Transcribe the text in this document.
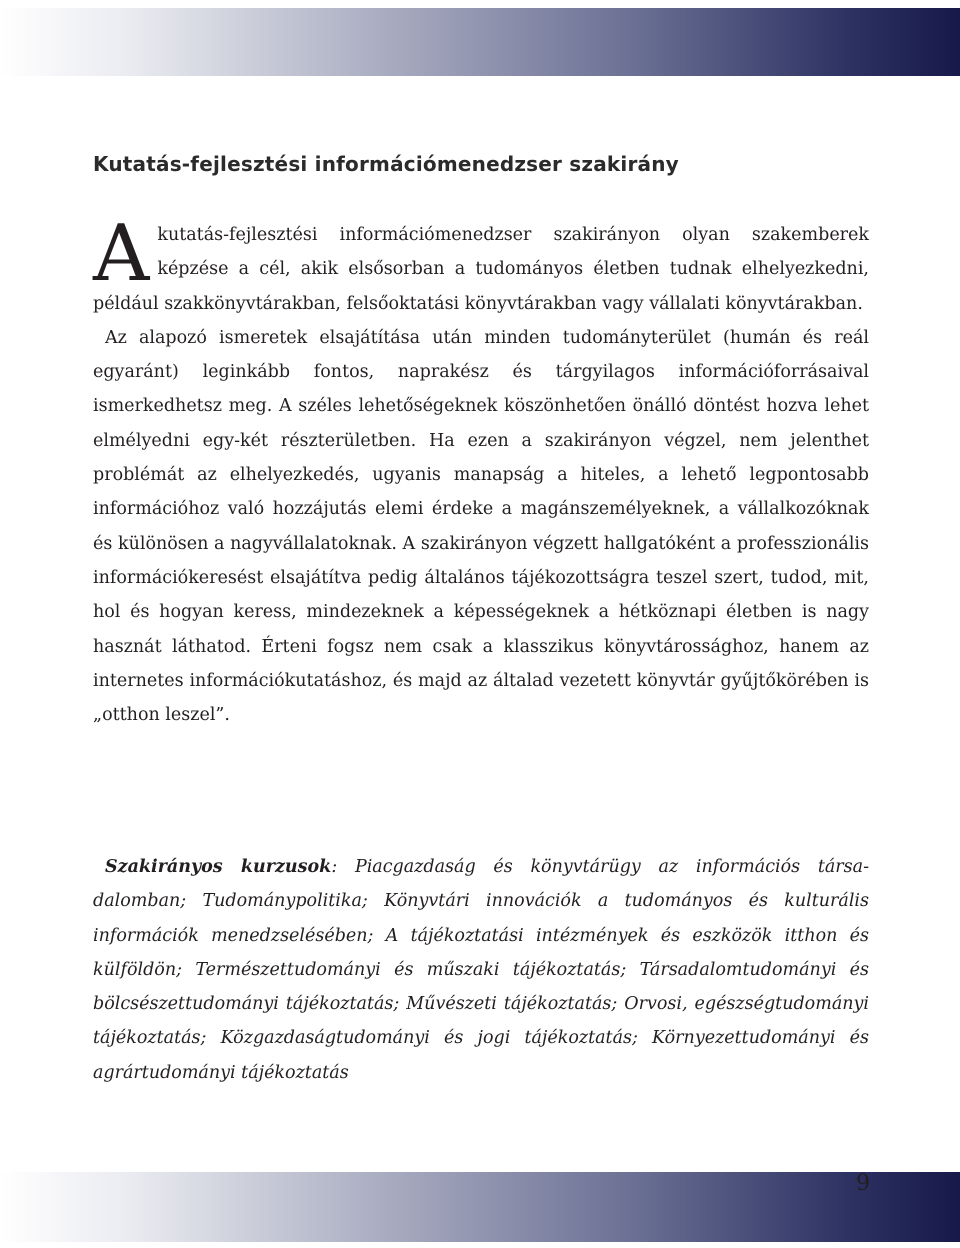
Kutatás-fejlesztési információmenedzser szakirány

Akutatás-fejlesztési információmenedzser szakirányon olyan szakemberek képzése a cél, akik elsősorban a tudományos életben tudnak elhelyezkedni, például szakkönyvtárakban, felsőoktatási könyvtárakban vagy vállalati könyvtárakban.

Az alapozó ismeretek elsajátítása után minden tudományterület (humán és reál egyaránt) leginkább fontos, naprakész és tárgyilagos információforrásaival ismerkedhetsz meg. A széles lehetőségeknek köszönhetően önálló döntést hozva lehet elmélyedni egy-két részterületben. Ha ezen a szakirányon végzel, nem jelenthet problémát az elhelyezkedés, ugyanis manapság a hiteles, a lehető legpontosabb információhoz való hozzájutás elemi érdeke a magánszemélyeknek, a vállalkozóknak és különösen a nagyvállalatoknak. A szakirányon végzett hallgatóként a professzionális információkeresést elsajátítva pedig általános tájékozottságra teszel szert, tudod, mit, hol és hogyan keress, mindezeknek a képességeknek a hétköznapi életben is nagy hasznát láthatod. Érteni fogsz nem csak a klasszikus könyvtárossághoz, hanem az internetes információkutatáshoz, és majd az általad vezetett könyvtár gyűjtőkörében is „otthon leszel”.

Szakirányos kurzusok: Piacgazdaság és könyvtárügy az információs társadalomban; Tudománypolitika; Könyvtári innovációk a tudományos és kulturális információk menedzselésében; A tájékoztatási intézmények és eszközök itthon és külföldön; Természettudományi és műszaki tájékoztatás; Társadalomtudományi és bölcsészettudományi tájékoztatás; Művészeti tájékoztatás; Orvosi, egészségtudományi tájékoztatás; Közgazdaságtudományi és jogi tájékoztatás; Környezettudományi és agrártudományi tájékoztatás

9
